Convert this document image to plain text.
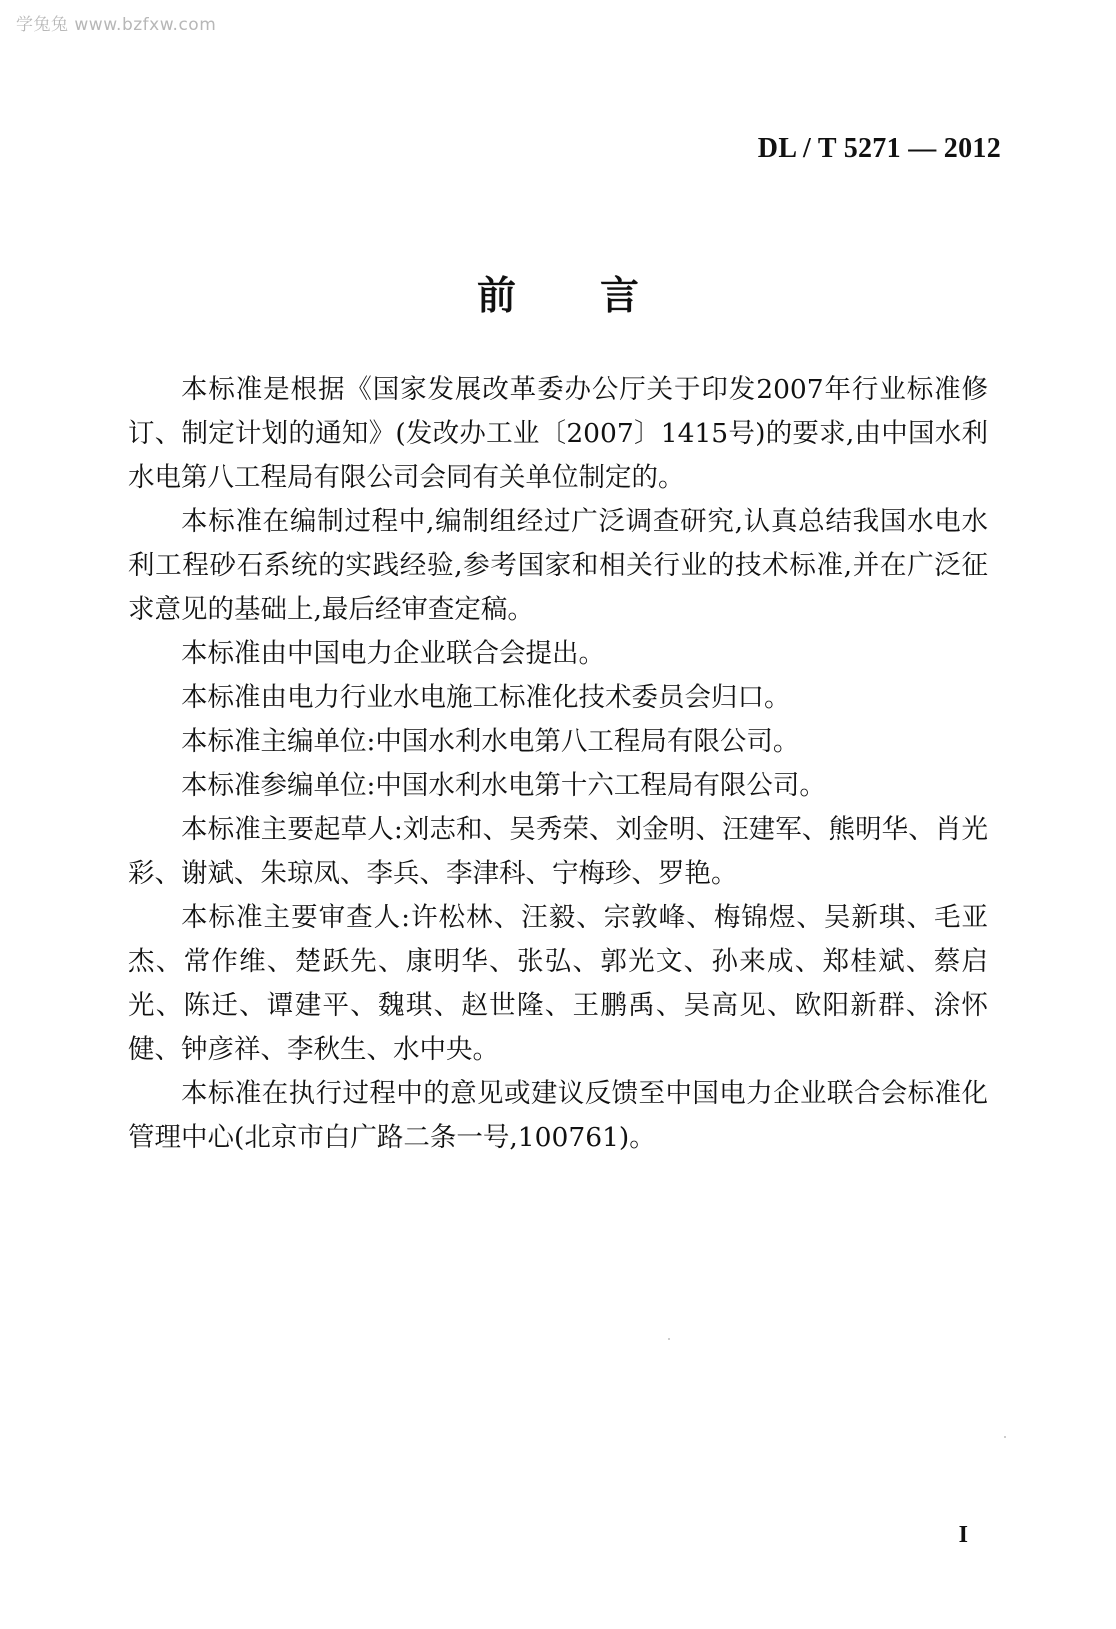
学兔兔 www.bzfxw.com
DL / T 5271 — 2012
前言

本标准是根据《国家发展改革委办公厅关于印发2007年行业标准修订、制定计划的通知》(发改办工业〔2007〕1415号)的要求,由中国水利水电第八工程局有限公司会同有关单位制定的。

本标准在编制过程中,编制组经过广泛调查研究,认真总结我国水电水利工程砂石系统的实践经验,参考国家和相关行业的技术标准,并在广泛征求意见的基础上,最后经审查定稿。

本标准由中国电力企业联合会提出。

本标准由电力行业水电施工标准化技术委员会归口。

本标准主编单位:中国水利水电第八工程局有限公司。

本标准参编单位:中国水利水电第十六工程局有限公司。

本标准主要起草人:刘志和、吴秀荣、刘金明、汪建军、熊明华、肖光彩、谢斌、朱琼凤、李兵、李津科、宁梅珍、罗艳。

本标准主要审查人:许松林、汪毅、宗敦峰、梅锦煜、吴新琪、毛亚杰、常作维、楚跃先、康明华、张弘、郭光文、孙来成、郑桂斌、蔡启光、陈迁、谭建平、魏琪、赵世隆、王鹏禹、吴高见、欧阳新群、涂怀健、钟彦祥、李秋生、水中央。

本标准在执行过程中的意见或建议反馈至中国电力企业联合会标准化管理中心(北京市白广路二条一号,100761)。

I
